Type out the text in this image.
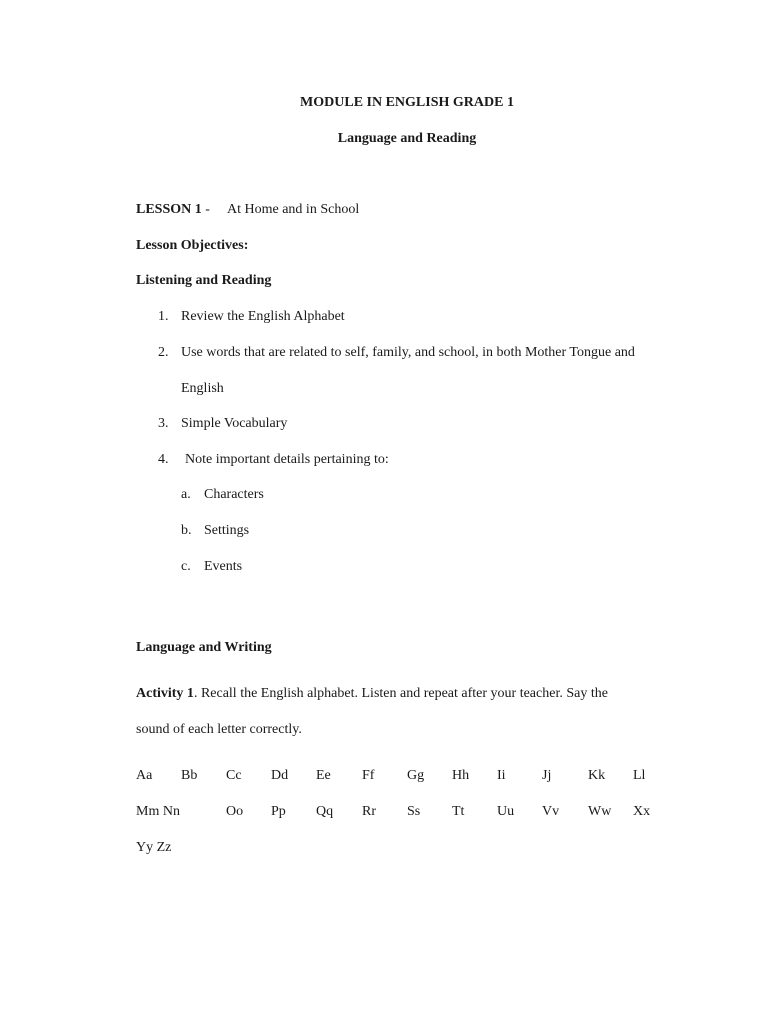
MODULE IN ENGLISH GRADE 1
Language and Reading
LESSON 1 - At Home and in School
Lesson Objectives:
Listening and Reading
1. Review the English Alphabet
2. Use words that are related to self, family, and school, in both Mother Tongue and
English
3. Simple Vocabulary
4. Note important details pertaining to:
a. Characters
b. Settings
c. Events
Language and Writing
Activity 1. Recall the English alphabet. Listen and repeat after your teacher. Say the
sound of each letter correctly.
Aa Bb Cc Dd Ee Ff Gg Hh Ii	Jj	Kk Ll
Mm Nn	Oo Pp Qq Rr Ss Tt Uu Vv Ww Xx
Yy Zz
